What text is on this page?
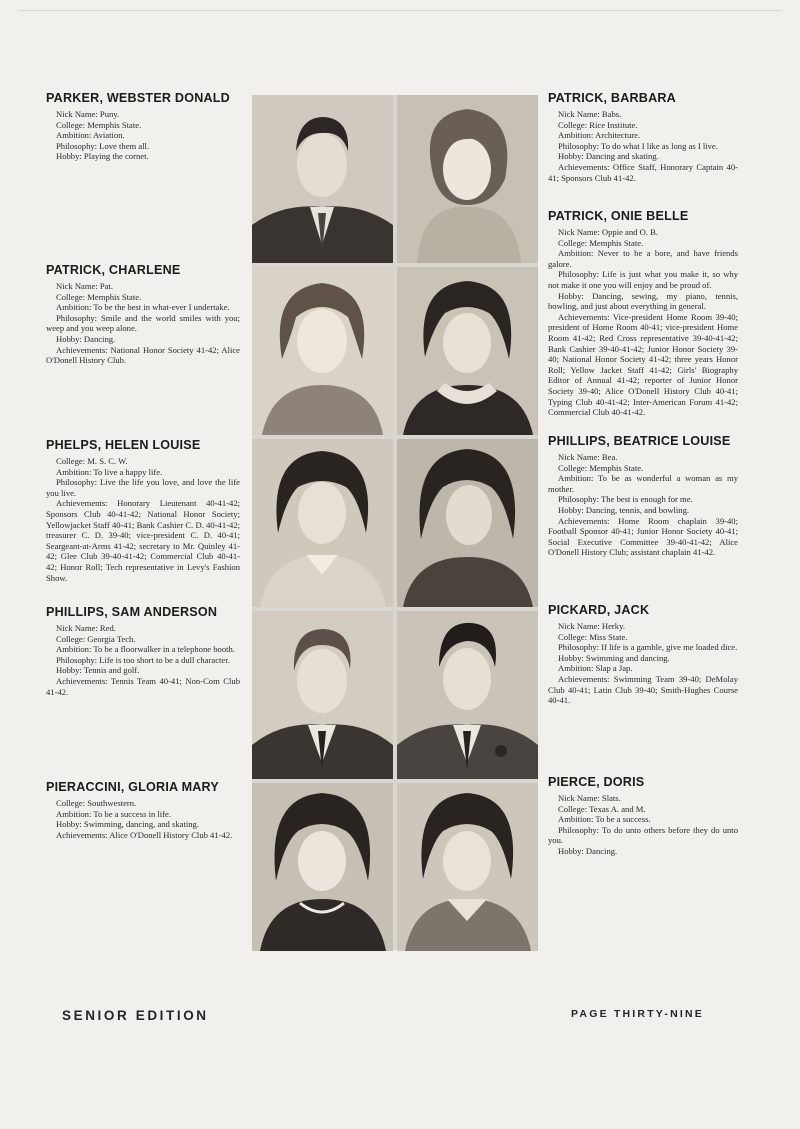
PARKER, WEBSTER DONALD

Nick Name: Puny.

College: Memphis State.

Ambition: Aviation.

Philosophy: Love them all.

Hobby: Playing the cornet.

PATRICK, CHARLENE

Nick Name: Pat.

College: Memphis State.

Ambition: To be the best in what-ever I undertake.

Philosophy: Smile and the world smiles with you; weep and you weep alone.

Hobby: Dancing.

Achievements: National Honor Society 41-42; Alice O'Donell History Club.

PHELPS, HELEN LOUISE

College: M. S. C. W.

Ambition: To live a happy life.

Philosophy: Live the life you love, and love the life you live.

Achievements: Honorary Lieutenant 40-41-42; Sponsors Club 40-41-42; National Honor Society; Yellowjacket Staff 40-41; Bank Cashier C. D. 40-41-42; treasurer C. D. 39-40; vice-president C. D. 40-41; Seargeant-at-Arms 41-42; secretary to Mr. Quinley 41-42; Glee Club 39-40-41-42; Commercial Club 40-41-42; Honor Roll; Tech representative in Levy's Fashion Show.

PHILLIPS, SAM ANDERSON

Nick Name: Red.

College: Georgia Tech.

Ambition: To be a floorwalker in a telephone booth.

Philosophy: Life is too short to be a dull character.

Hobby: Tennis and golf.

Achievements: Tennis Team 40-41; Non-Com Club 41-42.

PIERACCINI, GLORIA MARY

College: Southwestern.

Ambition: To be a success in life.

Hobby: Swimming, dancing, and skating.

Achievements: Alice O'Donell History Club 41-42.

PATRICK, BARBARA

Nick Name: Babs.

College: Rice Institute.

Ambition: Architecture.

Philosophy: To do what I like as long as I live.

Hobby: Dancing and skating.

Achievements: Office Staff, Honorary Captain 40-41; Sponsors Club 41-42.

PATRICK, ONIE BELLE

Nick Name: Oppie and O. B.

College: Memphis State.

Ambition: Never to be a bore, and have friends galore.

Philosophy: Life is just what you make it, so why not make it one you will enjoy and be proud of.

Hobby: Dancing, sewing, my piano, tennis, bowling, and just about everything in general.

Achievements: Vice-president Home Room 39-40; president of Home Room 40-41; vice-president Home Room 41-42; Red Cross representative 39-40-41-42; Bank Cashier 39-40-41-42; Junior Honor Society 39-40; National Honor Society 41-42; three years Honor Roll; Yellow Jacket Staff 41-42; Girls' Biography Editor of Annual 41-42; reporter of Junior Honor Society 39-40; Alice O'Donell History Club 40-41; Typing Club 40-41-42; Inter-American Forum 41-42; Commercial Club 40-41-42.

PHILLIPS, BEATRICE LOUISE

Nick Name: Bea.

College: Memphis State.

Ambition: To be as wonderful a woman as my mother.

Philosophy: The best is enough for me.

Hobby: Dancing, tennis, and bowling.

Achievements: Home Room chaplain 39-40; Football Sponsor 40-41; Junior Honor Society 40-41; Social Executive Committee 39-40-41-42; Alice O'Donell History Club; assistant chaplain 41-42.

PICKARD, JACK

Nick Name: Herky.

College: Miss State.

Philosophy: If life is a gamble, give me loaded dice.

Hobby: Swimming and dancing.

Ambition: Slap a Jap.

Achievements: Swimming Team 39-40; DeMolay Club 40-41; Latin Club 39-40; Smith-Hughes Course 40-41.

PIERCE, DORIS

Nick Name: Slats.

College: Texas A. and M.

Ambition: To be a success.

Philosophy: To do unto others before they do unto you.

Hobby: Dancing.

SENIOR EDITION	PAGE THIRTY-NINE
